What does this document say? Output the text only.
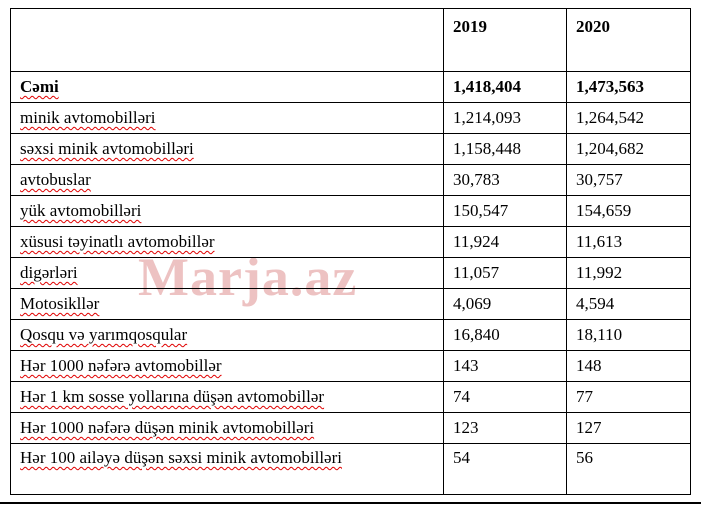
Marja.az
	2019	2020
Cəmi	1,418,404	1,473,563
minik avtomobilləri	1,214,093	1,264,542
səxsi minik avtomobilləri	1,158,448	1,204,682
avtobuslar	30,783	30,757
yük avtomobilləri	150,547	154,659
xüsusi təyinatlı avtomobillər	11,924	11,613
digərləri	11,057	11,992
Motosikllər	4,069	4,594
Qosqu və yarımqosqular	16,840	18,110
Hər 1000 nəfərə avtomobillər	143	148
Hər 1 km sosse yollarına düşən avtomobillər	74	77
Hər 1000 nəfərə düşən minik avtomobilləri	123	127
Hər 100 ailəyə düşən səxsi minik avtomobilləri	54	56
